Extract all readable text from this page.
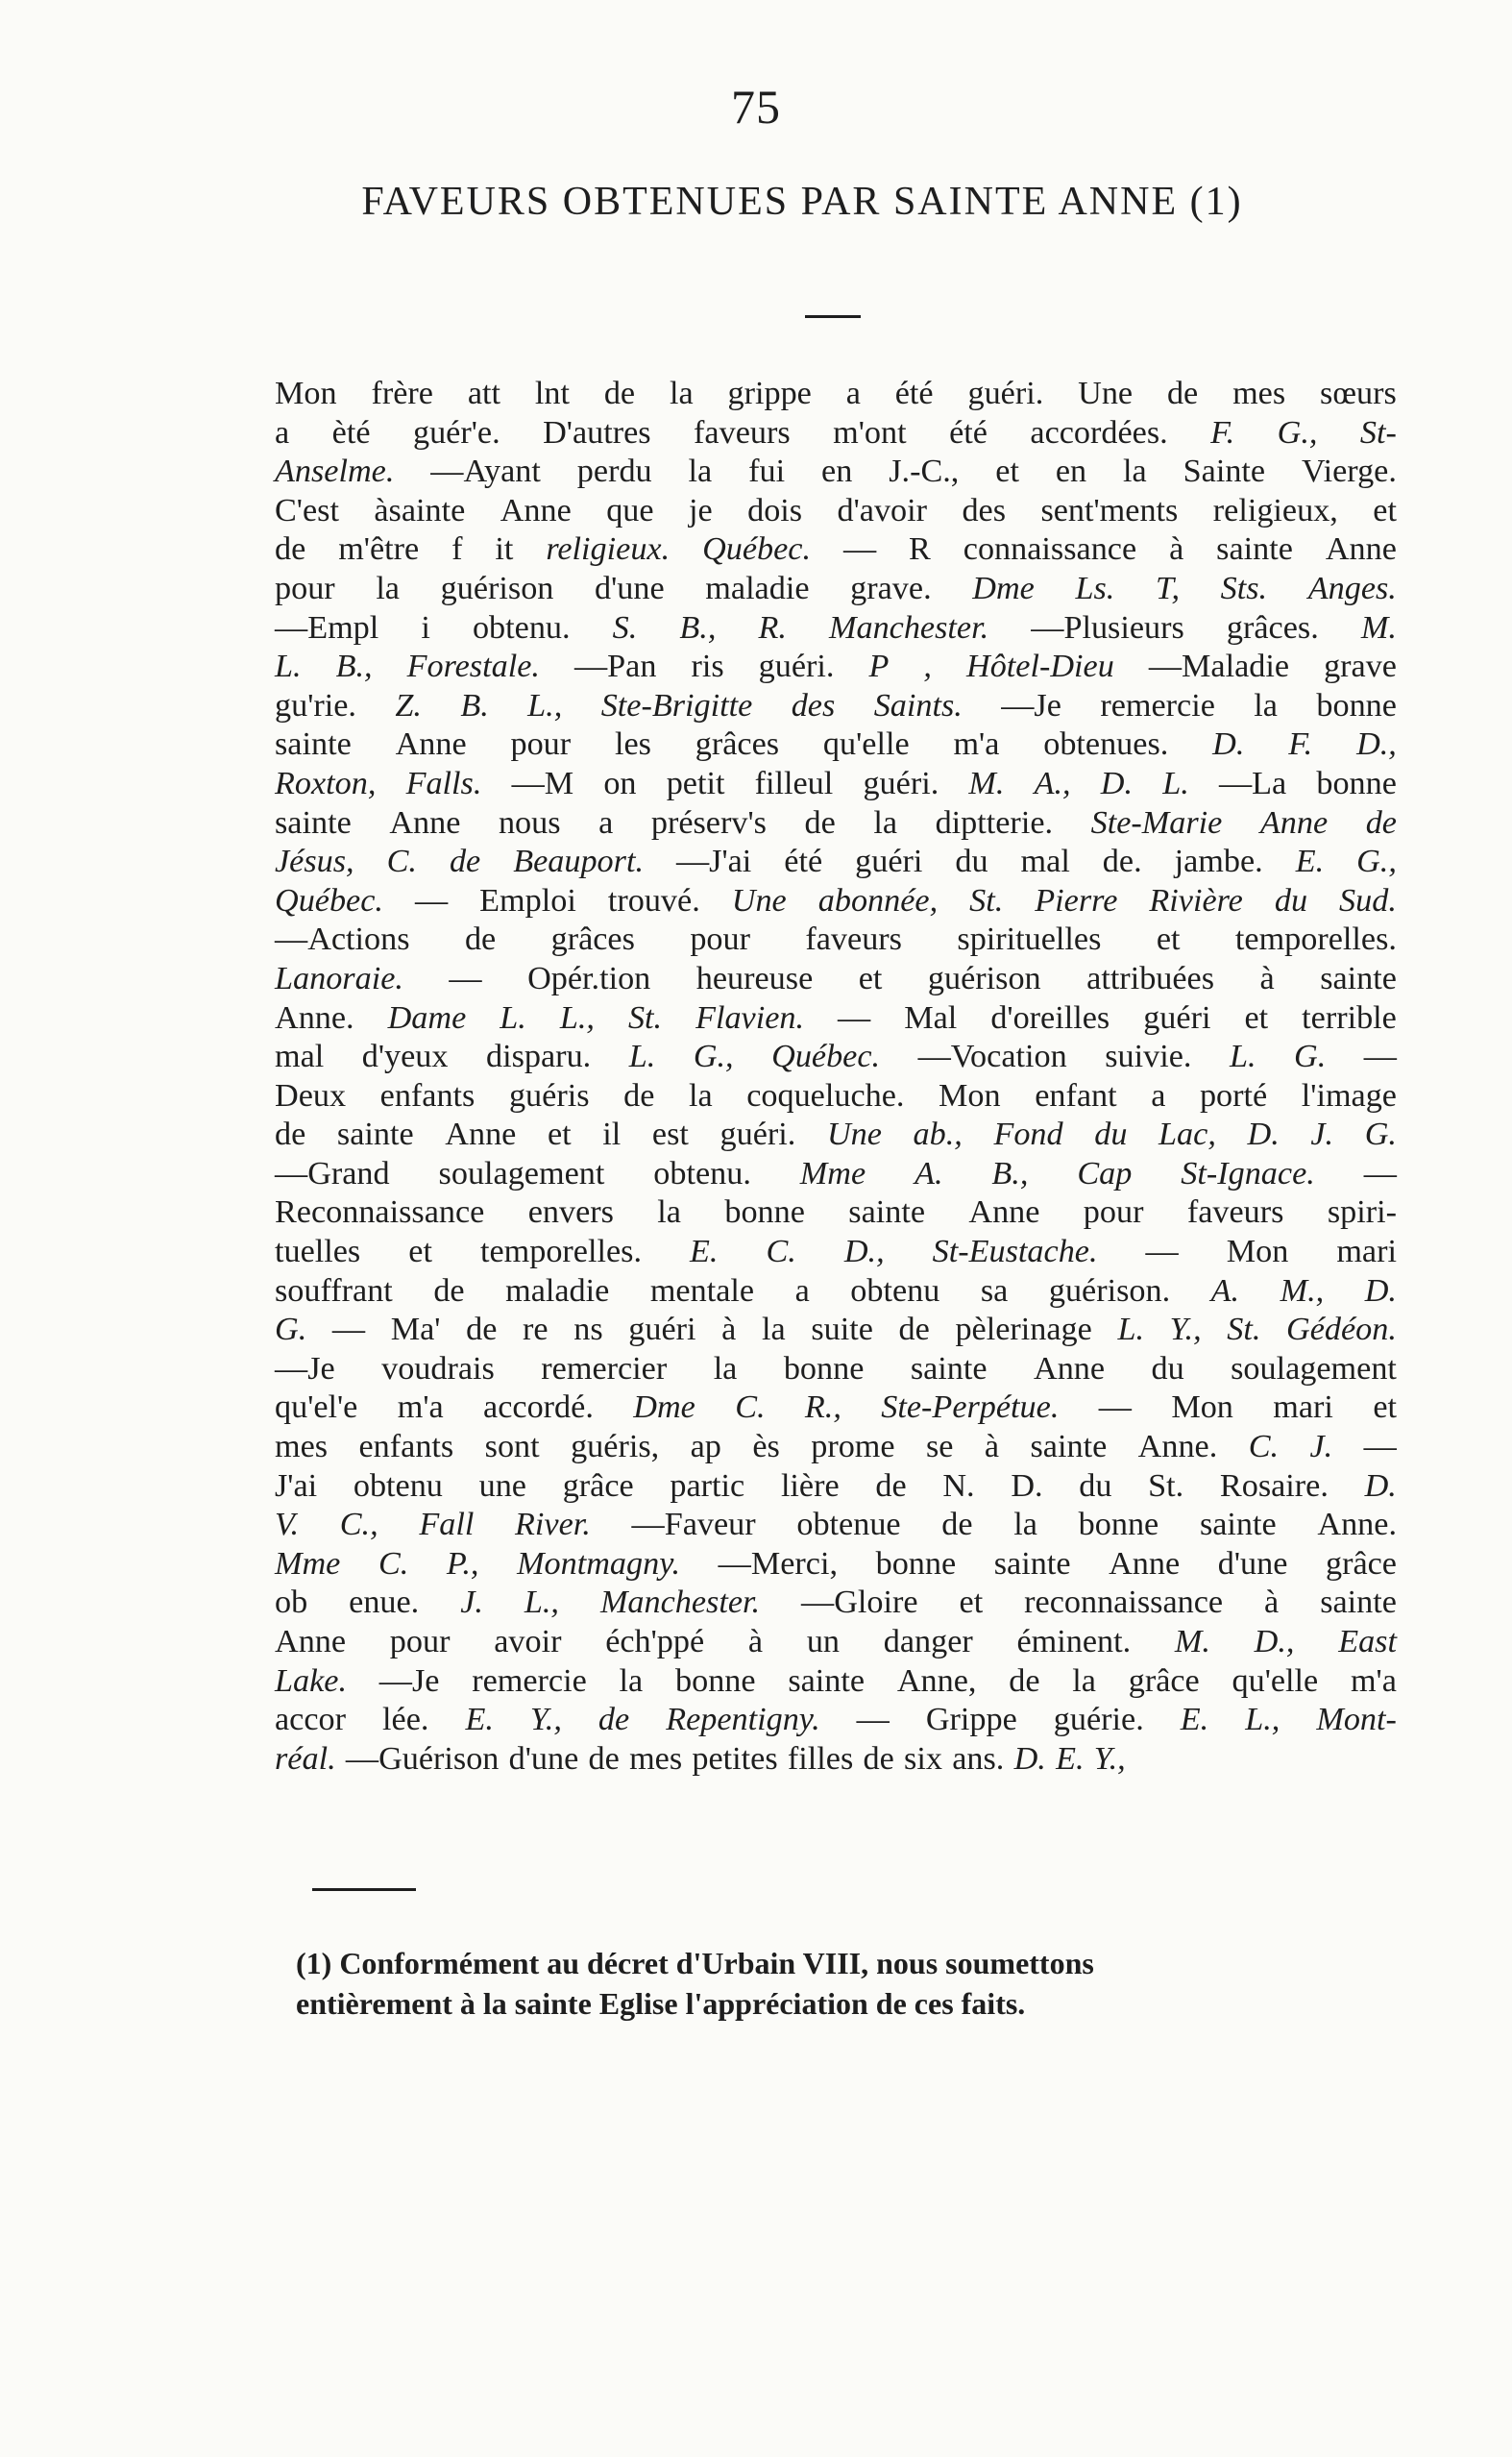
75
FAVEURS OBTENUES PAR SAINTE ANNE (1)
Mon frère att lnt de la grippe a été guéri. Une de mes sœurs
a èté guér'e. D'autres faveurs m'ont été accordées. F. G., St-
Anselme. —Ayant perdu la fui en J.-C., et en la Sainte Vierge.
C'est àsainte Anne que je dois d'avoir des sent'ments religieux, et
de m'être f it religieux. Québec. — R connaissance à sainte Anne
pour la guérison d'une maladie grave. Dme Ls. T, Sts. Anges.
—Empl i obtenu. S. B., R. Manchester. —Plusieurs grâces. M.
L. B., Forestale. —Pan ris guéri. P , Hôtel-Dieu —Maladie grave
gu'rie. Z. B. L., Ste-Brigitte des Saints. —Je remercie la bonne
sainte Anne pour les grâces qu'elle m'a obtenues. D. F. D.,
Roxton, Falls. —M on petit filleul guéri. M. A., D. L. —La bonne
sainte Anne nous a préserv's de la diptterie. Ste-Marie Anne de
Jésus, C. de Beauport. —J'ai été guéri du mal de. jambe. E. G.,
Québec. — Emploi trouvé. Une abonnée, St. Pierre Rivière du Sud.
—Actions de grâces pour faveurs spirituelles et temporelles.
Lanoraie. — Opér.tion heureuse et guérison attribuées à sainte
Anne. Dame L. L., St. Flavien. — Mal d'oreilles guéri et terrible
mal d'yeux disparu. L. G., Québec. —Vocation suivie. L. G. —
Deux enfants guéris de la coqueluche. Mon enfant a porté l'image
de sainte Anne et il est guéri. Une ab., Fond du Lac, D. J. G.
—Grand soulagement obtenu. Mme A. B., Cap St-Ignace. —
Reconnaissance envers la bonne sainte Anne pour faveurs spiri-
tuelles et temporelles. E. C. D., St-Eustache. — Mon mari
souffrant de maladie mentale a obtenu sa guérison. A. M., D.
G. — Ma' de re ns guéri à la suite de pèlerinage L. Y., St. Gédéon.
—Je voudrais remercier la bonne sainte Anne du soulagement
qu'el'e m'a accordé. Dme C. R., Ste-Perpétue. — Mon mari et
mes enfants sont guéris, ap ès prome se à sainte Anne. C. J. —
J'ai obtenu une grâce partic lière de N. D. du St. Rosaire. D.
V. C., Fall River. —Faveur obtenue de la bonne sainte Anne.
Mme C. P., Montmagny. —Merci, bonne sainte Anne d'une grâce
ob enue. J. L., Manchester. —Gloire et reconnaissance à sainte
Anne pour avoir éch'ppé à un danger éminent. M. D., East
Lake. —Je remercie la bonne sainte Anne, de la grâce qu'elle m'a
accor lée. E. Y., de Repentigny. — Grippe guérie. E. L., Mont-
réal. —Guérison d'une de mes petites filles de six ans. D. E. Y.,
(1) Conformément au décret d'Urbain VIII, nous soumettons
entièrement à la sainte Eglise l'appréciation de ces faits.
